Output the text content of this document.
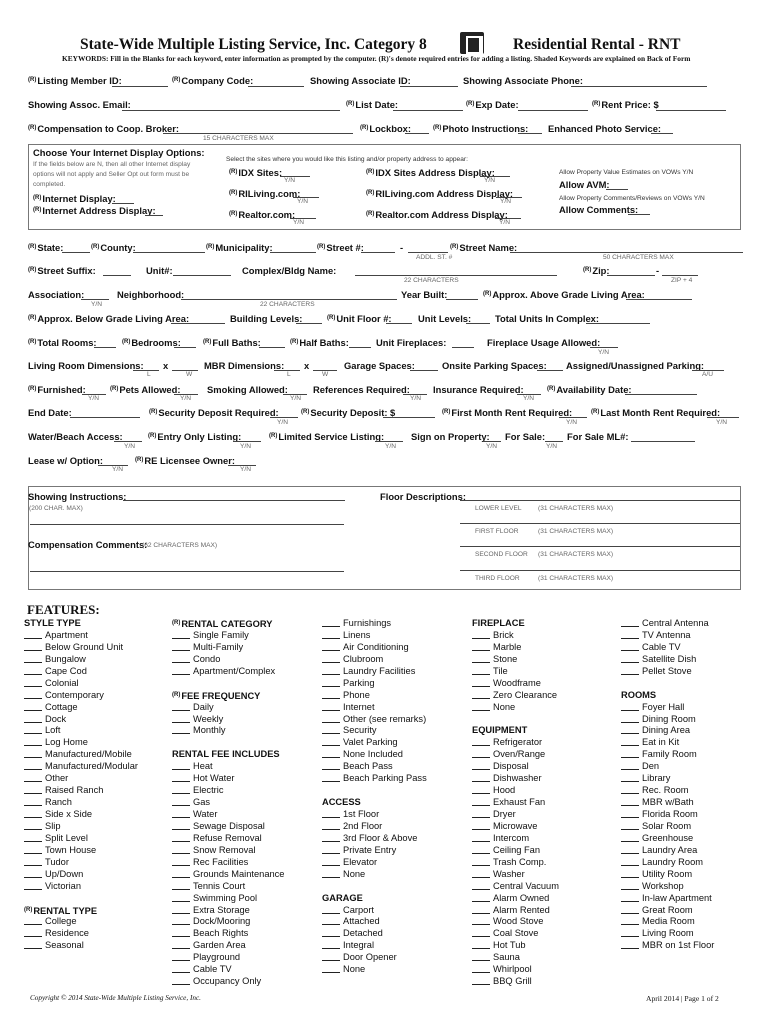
State-Wide Multiple Listing Service, Inc. Category 8	Residential Rental - RNT
KEYWORDS: Fill in the Blanks for each keyword, enter information as prompted by the computer. (R)'s denote required entries for adding a listing. Shaded Keywords are explained on Back of Form
$^{(R)}$Listing Member ID:	$^{(R)}$Company Code:	Showing Associate ID:	Showing Associate Phone:
Showing Assoc. Email:	$^{(R)}$List Date:	$^{(R)}$Exp Date:	$^{(R)}$Rent Price: $
$^{(R)}$Compensation to Coop. Broker:
15 CHARACTERS MAX
$^{(R)}$Lockbox:	$^{(R)}$Photo Instructions: Enhanced Photo Service:
Choose Your Internet Display Options:
If the fields below are N, then all other Internet display
options will not apply and Seller Opt out form must be
completed.
$^{(R)}$Internet Display:
$^{(R)}$Internet Address Display:
Select the sites where you would like this listing and/or property address to appear:
$^{(R)}$IDX Sites:
Y/N
$^{(R)}$IDX Sites Address Display:
Y/N
$^{(R)}$RILiving.com:
Y/N
$^{(R)}$RILiving.com Address Display:
Y/N
$^{(R)}$Realtor.com:
Y/N
$^{(R)}$Realtor.com Address Display:
Y/N
Allow Property Value Estimates on VOWs Y/N
Allow AVM:
Allow Property Comments/Reviews on VOWs Y/N
Allow Comments:
$^{(R)}$State:	$^{(R)}$County:	$^{(R)}$Municipality:	$^{(R)}$Street #:	-
ADDL. ST. #
$^{(R)}$Street Name:
50 CHARACTERS MAX
$^{(R)}$Street Suffix:	Unit#:	Complex/Bldg Name:
22 CHARACTERS
$^{(R)}$Zip:	-
ZIP + 4
Association:
Y/N
Neighborhood:
22 CHARACTERS
Year Built:	$^{(R)}$Approx. Above Grade Living Area:
$^{(R)}$Approx. Below Grade Living Area:	Building Levels:	$^{(R)}$Unit Floor #:	Unit Levels:	Total Units In Complex:
$^{(R)}$Total Rooms:	$^{(R)}$Bedrooms:	$^{(R)}$Full Baths:	$^{(R)}$Half Baths:	Unit Fireplaces:	Fireplace Usage Allowed:
Y/N
Living Room Dimensions:
L
x
W
MBR Dimensions:
L
x
W
Garage Spaces:	Onsite Parking Spaces: Assigned/Unassigned Parking:
A/U
$^{(R)}$Furnished:
Y/N
$^{(R)}$Pets Allowed:
Y/N
Smoking Allowed:
Y/N
References Required:
Y/N
Insurance Required:
Y/N
$^{(R)}$Availability Date:
End Date:	$^{(R)}$Security Deposit Required:
Y/N
$^{(R)}$Security Deposit: $	$^{(R)}$First Month Rent Required:
Y/N
$^{(R)}$Last Month Rent Required:
Y/N
Water/Beach Access:
Y/N
$^{(R)}$Entry Only Listing:
Y/N
$^{(R)}$Limited Service Listing:
Y/N
Sign on Property:
Y/N
For Sale:
Y/N
For Sale ML#:
Lease w/ Option:
Y/N
$^{(R)}$RE Licensee Owner:
Y/N
Showing Instructions:
(200 CHAR. MAX)
Compensation Comments:
(62 CHARACTERS MAX)
Floor Descriptions:
LOWER LEVEL (31 CHARACTERS MAX)
FIRST FLOOR	(31 CHARACTERS MAX)
SECOND FLOOR (31 CHARACTERS MAX)
THIRD FLOOR	(31 CHARACTERS MAX)
FEATURES:
STYLE TYPE
Apartment
Below Ground Unit
Bungalow
Cape Cod
Colonial
Contemporary
Cottage
Dock
Loft
Log Home
Manufactured/Mobile
Manufactured/Modular
Other
Raised Ranch
Ranch
Side x Side
Slip
Split Level
Town House
Tudor
Up/Down
Victorian
$^{(R)}$RENTAL TYPE
College
Residence
Seasonal
$^{(R)}$RENTAL CATEGORY
Single Family
Multi-Family
Condo
Apartment/Complex
$^{(R)}$FEE FREQUENCY
Daily
Weekly
Monthly
RENTAL FEE INCLUDES
Heat
Hot Water
Electric
Gas
Water
Sewage Disposal
Refuse Removal
Snow Removal
Rec Facilities
Grounds Maintenance
Tennis Court
Swimming Pool
Extra Storage
Dock/Mooring
Beach Rights
Garden Area
Playground
Cable TV
Occupancy Only
Furnishings
Linens
Air Conditioning
Clubroom
Laundry Facilities
Parking
Phone
Internet
Other (see remarks)
Security
Valet Parking
None Included
Beach Pass
Beach Parking Pass
ACCESS
1st Floor
2nd Floor
3rd Floor & Above
Private Entry
Elevator
None
GARAGE
Carport
Attached
Detached
Integral
Door Opener
None
FIREPLACE
Brick
Marble
Stone
Tile
Woodframe
Zero Clearance
None
EQUIPMENT
Refrigerator
Oven/Range
Disposal
Dishwasher
Hood
Exhaust Fan
Dryer
Microwave
Intercom
Ceiling Fan
Trash Comp.
Washer
Central Vacuum
Alarm Owned
Alarm Rented
Wood Stove
Coal Stove
Hot Tub
Sauna
Whirlpool
BBQ Grill
Central Antenna
TV Antenna
Cable TV
Satellite Dish
Pellet Stove
ROOMS
Foyer Hall
Dining Room
Dining Area
Eat in Kit
Family Room
Den
Library
Rec. Room
MBR w/Bath
Florida Room
Solar Room
Greenhouse
Laundry Area
Laundry Room
Utility Room
Workshop
In-law Apartment
Great Room
Media Room
Living Room
MBR on 1st Floor
Copyright © 2014 State-Wide Multiple Listing Service, Inc.	April 2014 | Page 1 of 2
